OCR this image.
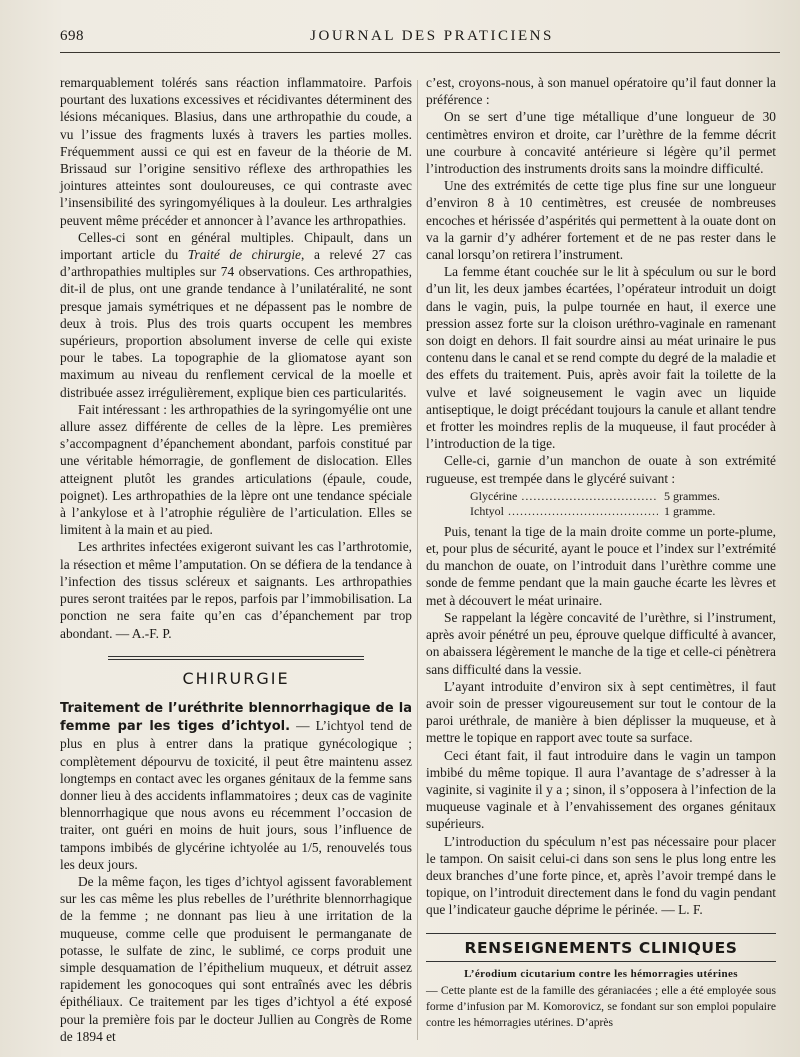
698	JOURNAL DES PRATICIENS

remarquablement tolérés sans réaction inflammatoire. Parfois pourtant des luxations excessives et récidivantes déterminent des lésions mécaniques. Blasius, dans une arthropathie du coude, a vu l’issue des fragments luxés à travers les parties molles. Fréquemment aussi ce qui est en faveur de la théorie de M. Brissaud sur l’origine sensitivo réflexe des arthropathies les jointures atteintes sont douloureuses, ce qui contraste avec l’insensibilité des syringomyéliques à la douleur. Les arthralgies peuvent même précéder et annoncer à l’avance les arthropathies.

Celles-ci sont en général multiples. Chipault, dans un important article du Traité de chirurgie, a relevé 27 cas d’arthropathies multiples sur 74 observations. Ces arthropathies, dit-il de plus, ont une grande tendance à l’unilatéralité, ne sont presque jamais symétriques et ne dépassent pas le nombre de deux à trois. Plus des trois quarts occupent les membres supérieurs, proportion absolument inverse de celle qui existe pour le tabes. La topographie de la gliomatose ayant son maximum au niveau du renflement cervical de la moelle et distribuée assez irrégulièrement, explique bien ces particularités.

Fait intéressant : les arthropathies de la syringomyélie ont une allure assez différente de celles de la lèpre. Les premières s’accompagnent d’épanchement abondant, parfois constitué par une véritable hémorragie, de gonflement de dislocation. Elles atteignent plutôt les grandes articulations (épaule, coude, poignet). Les arthropathies de la lèpre ont une tendance spéciale à l’ankylose et à l’atrophie régulière de l’articulation. Elles se limitent à la main et au pied.

Les arthrites infectées exigeront suivant les cas l’arthrotomie, la résection et même l’amputation. On se défiera de la tendance à l’infection des tissus scléreux et saignants. Les arthropathies pures seront traitées par le repos, parfois par l’immobilisation. La ponction ne sera faite qu’en cas d’épanchement par trop abondant. — A.-F. P.

CHIRURGIE

Traitement de l’uréthrite blennorrhagique de la femme par les tiges d’ichtyol. — L’ichtyol tend de plus en plus à entrer dans la pratique gynécologique ; complètement dépourvu de toxicité, il peut être maintenu assez longtemps en contact avec les organes génitaux de la femme sans donner lieu à des accidents inflammatoires ; deux cas de vaginite blennorrhagique que nous avons eu récemment l’occasion de traiter, ont guéri en moins de huit jours, sous l’influence de tampons imbibés de glycérine ichtyolée au 1/5, renouvelés tous les deux jours.

De la même façon, les tiges d’ichtyol agissent favorablement sur les cas même les plus rebelles de l’uréthrite blennorrhagique de la femme ; ne donnant pas lieu à une irritation de la muqueuse, comme celle que produisent le permanganate de potasse, le sulfate de zinc, le sublimé, ce corps produit une simple desquamation de l’épithelium muqueux, et détruit assez rapidement les gonocoques qui sont entraînés avec les débris épithéliaux. Ce traitement par les tiges d’ichtyol a été exposé pour la première fois par le docteur Jullien au Congrès de Rome de 1894 et

c’est, croyons-nous, à son manuel opératoire qu’il faut donner la préférence :

On se sert d’une tige métallique d’une longueur de 30 centimètres environ et droite, car l’urèthre de la femme décrit une courbure à concavité antérieure si légère qu’il permet l’introduction des instruments droits sans la moindre difficulté.

Une des extrémités de cette tige plus fine sur une longueur d’environ 8 à 10 centimètres, est creusée de nombreuses encoches et hérissée d’aspérités qui permettent à la ouate dont on va la garnir d’y adhérer fortement et de ne pas rester dans le canal lorsqu’on retirera l’instrument.

La femme étant couchée sur le lit à spéculum ou sur le bord d’un lit, les deux jambes écartées, l’opérateur introduit un doigt dans le vagin, puis, la pulpe tournée en haut, il exerce une pression assez forte sur la cloison uréthro-vaginale en ramenant son doigt en dehors. Il fait sourdre ainsi au méat urinaire le pus contenu dans le canal et se rend compte du degré de la maladie et des effets du traitement. Puis, après avoir fait la toilette de la vulve et lavé soigneusement le vagin avec un liquide antiseptique, le doigt précédant toujours la canule et allant tendre et frotter les moindres replis de la muqueuse, il faut procéder à l’introduction de la tige.

Celle-ci, garnie d’un manchon de ouate à son extrémité rugueuse, est trempée dans le glycéré suivant :

Glycérine .....	5 grammes.
Ichtyol .....	1 gramme.

Puis, tenant la tige de la main droite comme un porte-plume, et, pour plus de sécurité, ayant le pouce et l’index sur l’extrémité du manchon de ouate, on l’introduit dans l’urèthre comme une sonde de femme pendant que la main gauche écarte les lèvres et met à découvert le méat urinaire.

Se rappelant la légère concavité de l’urèthre, si l’instrument, après avoir pénétré un peu, éprouve quelque difficulté à avancer, on abaissera légèrement le manche de la tige et celle-ci pénètrera sans difficulté dans la vessie.

L’ayant introduite d’environ six à sept centimètres, il faut avoir soin de presser vigoureusement sur tout le contour de la paroi uréthrale, de manière à bien déplisser la muqueuse, et à mettre le topique en rapport avec toute sa surface.

Ceci étant fait, il faut introduire dans le vagin un tampon imbibé du même topique. Il aura l’avantage de s’adresser à la vaginite, si vaginite il y a ; sinon, il s’opposera à l’infection de la muqueuse vaginale et à l’envahissement des organes génitaux supérieurs.

L’introduction du spéculum n’est pas nécessaire pour placer le tampon. On saisit celui-ci dans son sens le plus long entre les deux branches d’une forte pince, et, après l’avoir trempé dans le topique, on l’introduit directement dans le fond du vagin pendant que l’indicateur gauche déprime le périnée. — L. F.

RENSEIGNEMENTS CLINIQUES
L’érodium cicutarium contre les hémorragies utérines

— Cette plante est de la famille des géraniacées ; elle a été employée sous forme d’infusion par M. Komorovicz, se fondant sur son emploi populaire contre les hémorragies utérines. D’après
